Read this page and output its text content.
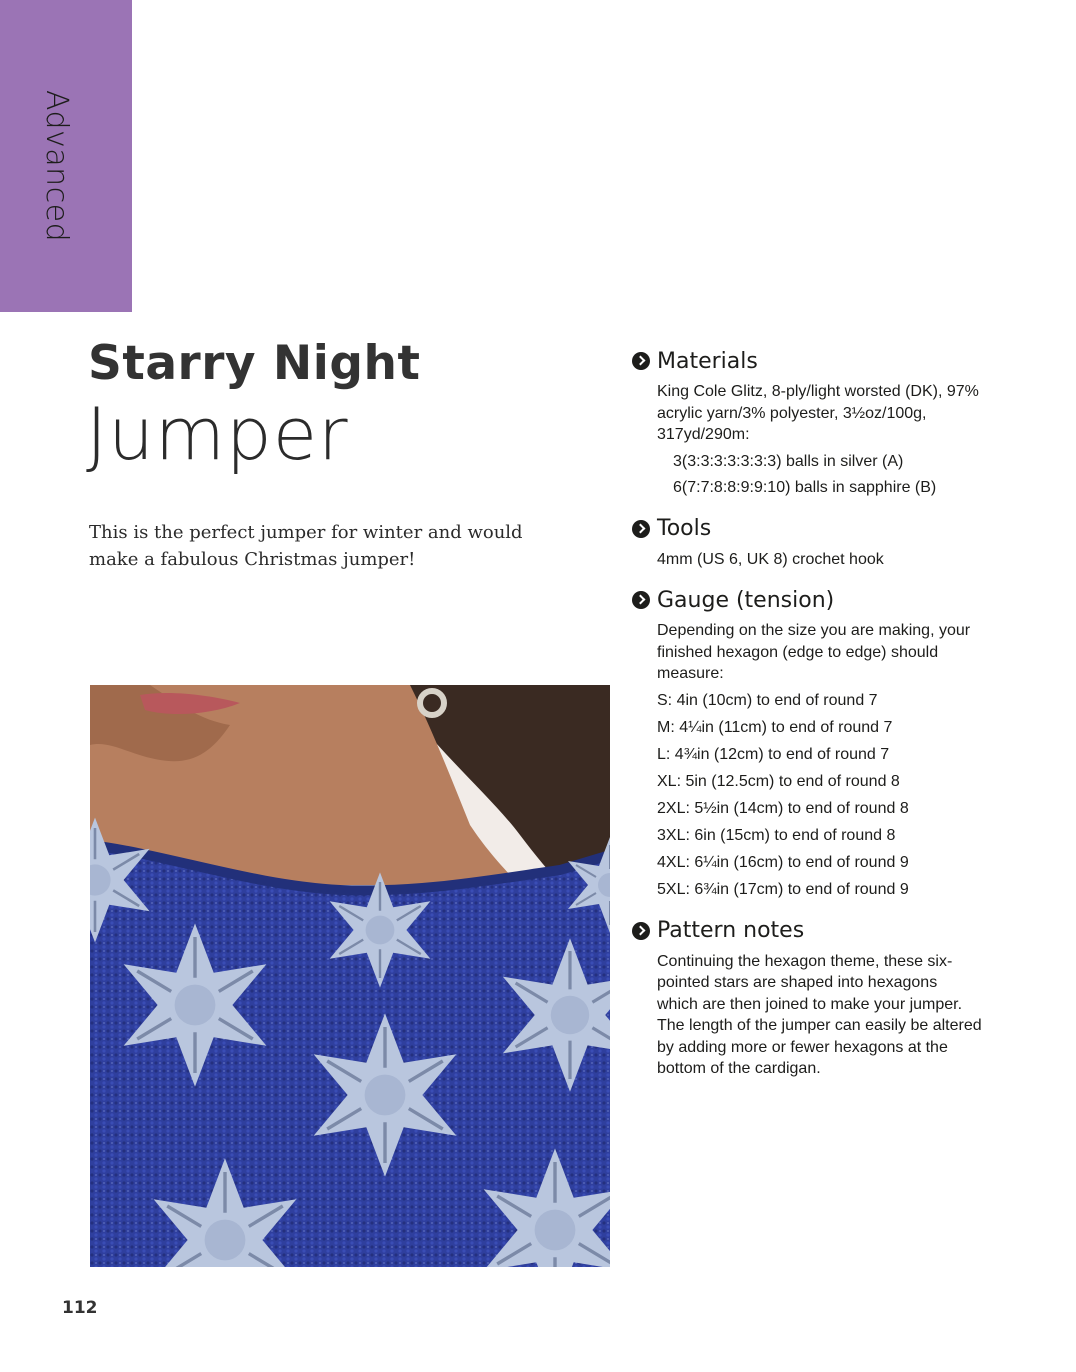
Advanced
Starry Night
Jumper
This is the perfect jumper for winter and would make a fabulous Christmas jumper!
Materials
King Cole Glitz, 8-ply/light worsted (DK), 97% acrylic yarn/3% polyester, 3½oz/100g, 317yd/290m:
3(3:3:3:3:3:3:3) balls in silver (A)
6(7:7:8:8:9:9:10) balls in sapphire (B)
Tools
4mm (US 6, UK 8) crochet hook
Gauge (tension)
Depending on the size you are making, your finished hexagon (edge to edge) should measure:
S: 4in (10cm) to end of round 7
M: 4¼in (11cm) to end of round 7
L: 4¾in (12cm) to end of round 7
XL: 5in (12.5cm) to end of round 8
2XL: 5½in (14cm) to end of round 8
3XL: 6in (15cm) to end of round 8
4XL: 6¼in (16cm) to end of round 9
5XL: 6¾in (17cm) to end of round 9
Pattern notes
Continuing the hexagon theme, these six-pointed stars are shaped into hexagons which are then joined to make your jumper. The length of the jumper can easily be altered by adding more or fewer hexagons at the bottom of the cardigan.
112
